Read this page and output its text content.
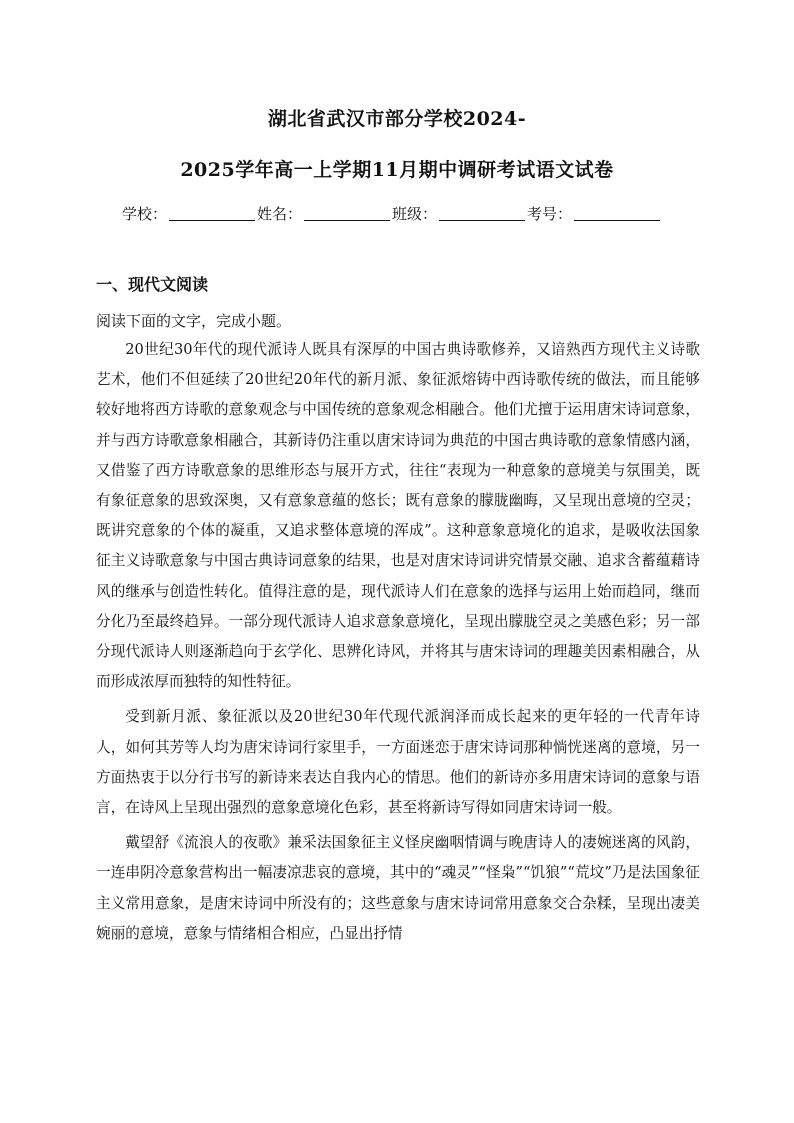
湖北省武汉市部分学校2024-
2025学年高一上学期11月期中调研考试语文试卷
学校：	姓名：	班级：	考号：
一、现代文阅读
阅读下面的文字，完成小题。

20世纪30年代的现代派诗人既具有深厚的中国古典诗歌修养，又谙熟西方现代主义诗歌艺术，他们不但延续了20世纪20年代的新月派、象征派熔铸中西诗歌传统的做法，而且能够较好地将西方诗歌的意象观念与中国传统的意象观念相融合。他们尤擅于运用唐宋诗词意象，并与西方诗歌意象相融合，其新诗仍注重以唐宋诗词为典范的中国古典诗歌的意象情感内涵，又借鉴了西方诗歌意象的思维形态与展开方式，往往“表现为一种意象的意境美与氛围美，既有象征意象的思致深奥，又有意象意蕴的悠长；既有意象的朦胧幽晦，又呈现出意境的空灵；既讲究意象的个体的凝重，又追求整体意境的浑成”。这种意象意境化的追求，是吸收法国象征主义诗歌意象与中国古典诗词意象的结果，也是对唐宋诗词讲究情景交融、追求含蓄蕴藉诗风的继承与创造性转化。值得注意的是，现代派诗人们在意象的选择与运用上始而趋同，继而分化乃至最终趋异。一部分现代派诗人追求意象意境化，呈现出朦胧空灵之美感色彩；另一部分现代派诗人则逐渐趋向于玄学化、思辨化诗风，并将其与唐宋诗词的理趣美因素相融合，从而形成浓厚而独特的知性特征。

受到新月派、象征派以及20世纪30年代现代派润泽而成长起来的更年轻的一代青年诗人，如何其芳等人均为唐宋诗词行家里手，一方面迷恋于唐宋诗词那种惝恍迷离的意境，另一方面热衷于以分行书写的新诗来表达自我内心的情思。他们的新诗亦多用唐宋诗词的意象与语言，在诗风上呈现出强烈的意象意境化色彩，甚至将新诗写得如同唐宋诗词一般。

戴望舒《流浪人的夜歌》兼采法国象征主义怪戾幽咽情调与晚唐诗人的凄婉迷离的风韵，一连串阴冷意象营构出一幅凄凉悲哀的意境，其中的“魂灵”“怪枭”“饥狼”“荒坟”乃是法国象征主义常用意象，是唐宋诗词中所没有的；这些意象与唐宋诗词常用意象交合杂糅，呈现出凄美婉丽的意境，意象与情绪相合相应，凸显出抒情
